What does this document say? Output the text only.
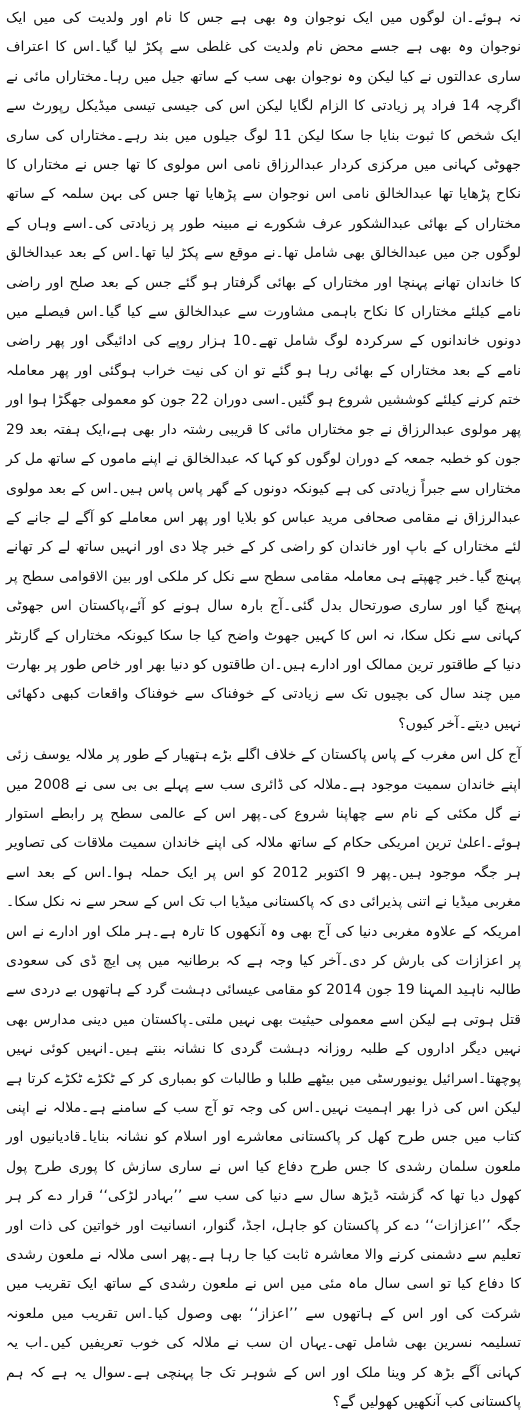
نہ ہوئے۔ان لوگوں میں ایک نوجوان وہ بھی ہے جس کا نام اور ولدیت کی میں ایک نوجوان وہ بھی ہے جسے محض نام ولدیت کی غلطی سے پکڑ لیا گیا۔اس کا اعتراف ساری عدالتوں نے کیا لیکن وہ نوجوان بھی سب کے ساتھ جیل میں رہا۔مختاراں مائی نے اگرچہ 14 فراد پر زیادتی کا الزام لگایا لیکن اس کی جیسی تیسی میڈیکل رپورٹ سے ایک شخص کا ثبوت بنایا جا سکا لیکن 11 لوگ جیلوں میں بند رہے۔مختاراں کی ساری جھوٹی کہانی میں مرکزی کردار عبدالرزاق نامی اس مولوی کا تھا جس نے مختاراں کا نکاح پڑھایا تھا عبدالخالق نامی اس نوجوان سے پڑھایا تھا جس کی بہن سلمہ کے ساتھ مختاراں کے بھائی عبدالشکور عرف شکورے نے مبینہ طور پر زیادتی کی۔اسے وہاں کے لوگوں جن میں عبدالخالق بھی شامل تھا۔نے موقع سے پکڑ لیا تھا۔اس کے بعد عبدالخالق کا خاندان تھانے پہنچا اور مختاراں کے بھائی گرفتار ہو گئے جس کے بعد صلح اور راضی نامے کیلئے مختاراں کا نکاح باہمی مشاورت سے عبدالخالق سے کیا گیا۔اس فیصلے میں دونوں خاندانوں کے سرکردہ لوگ شامل تھے۔10 ہزار روپے کی ادائیگی اور پھر راضی نامے کے بعد مختاراں کے بھائی رہا ہو گئے تو ان کی نیت خراب ہوگئی اور پھر معاملہ ختم کرنے کیلئے کوششیں شروع ہو گئیں۔اسی دوران 22 جون کو معمولی جھگڑا ہوا اور پھر مولوی عبدالرزاق نے جو مختاراں مائی کا قریبی رشتہ دار بھی ہے،ایک ہفتہ بعد 29 جون کو خطبہ جمعہ کے دوران لوگوں کو کہا کہ عبدالخالق نے اپنے ماموں کے ساتھ مل کر مختاراں سے جبراً زیادتی کی ہے کیونکہ دونوں کے گھر پاس پاس ہیں۔اس کے بعد مولوی عبدالرزاق نے مقامی صحافی مرید عباس کو بلایا اور پھر اس معاملے کو آگے لے جانے کے لئے مختاراں کے باپ اور خاندان کو راضی کر کے خبر چلا دی اور انہیں ساتھ لے کر تھانے پہنچ گیا۔خبر چھپتے ہی معاملہ مقامی سطح سے نکل کر ملکی اور بین الاقوامی سطح پر پہنچ گیا اور ساری صورتحال بدل گئی۔آج بارہ سال ہونے کو آئے،پاکستان اس جھوٹی کہانی سے نکل سکا، نہ اس کا کہیں جھوٹ واضح کیا جا سکا کیونکہ مختاراں کے گارنٹر دنیا کے طاقتور ترین ممالک اور ادارے ہیں۔ان طاقتوں کو دنیا بھر اور خاص طور پر بھارت میں چند سال کی بچیوں تک سے زیادتی کے خوفناک سے خوفناک واقعات کبھی دکھائی نہیں دیتے۔آخر کیوں؟

آج کل اس مغرب کے پاس پاکستان کے خلاف اگلے بڑے ہتھیار کے طور پر ملالہ یوسف زئی اپنے خاندان سمیت موجود ہے۔ملالہ کی ڈائری سب سے پہلے بی بی سی نے 2008 میں نے گل مکئی کے نام سے چھاپنا شروع کی۔پھر اس کے عالمی سطح پر رابطے استوار ہوئے۔اعلیٰ ترین امریکی حکام کے ساتھ ملالہ کی اپنے خاندان سمیت ملاقات کی تصاویر ہر جگہ موجود ہیں۔پھر 9 اکتوبر 2012 کو اس پر ایک حملہ ہوا۔اس کے بعد اسے مغربی میڈیا نے اتنی پذیرائی دی کہ پاکستانی میڈیا اب تک اس کے سحر سے نہ نکل سکا۔امریکہ کے علاوہ مغربی دنیا کی آج بھی وہ آنکھوں کا تارہ ہے۔ہر ملک اور ادارے نے اس پر اعزازات کی بارش کر دی۔آخر کیا وجہ ہے کہ برطانیہ میں پی ایچ ڈی کی سعودی طالبہ ناہید المہنا 19 جون 2014 کو مقامی عیسائی دہشت گرد کے ہاتھوں بے دردی سے قتل ہوتی ہے لیکن اسے معمولی حیثیت بھی نہیں ملتی۔پاکستان میں دینی مدارس بھی نہیں دیگر اداروں کے طلبہ روزانہ دہشت گردی کا نشانہ بنتے ہیں۔انہیں کوئی نہیں پوچھتا۔اسرائیل یونیورسٹی میں بیٹھے طلبا و طالبات کو بمباری کر کے ٹکڑے ٹکڑے کرتا ہے لیکن اس کی ذرا بھر اہمیت نہیں۔اس کی وجہ تو آج سب کے سامنے ہے۔ملالہ نے اپنی کتاب میں جس طرح کھل کر پاکستانی معاشرے اور اسلام کو نشانہ بنایا۔قادیانیوں اور ملعون سلمان رشدی کا جس طرح دفاع کیا اس نے ساری سازش کا پوری طرح پول کھول دیا تھا کہ گزشتہ ڈیڑھ سال سے دنیا کی سب سے ’’بہادر لڑکی‘‘ قرار دے کر ہر جگہ ’’اعزازات‘‘ دے کر پاکستان کو جاہل، اجڈ، گنوار، انسانیت اور خواتین کی ذات اور تعلیم سے دشمنی کرنے والا معاشرہ ثابت کیا جا رہا ہے۔پھر اسی ملالہ نے ملعون رشدی کا دفاع کیا تو اسی سال ماہ مئی میں اس نے ملعون رشدی کے ساتھ ایک تقریب میں شرکت کی اور اس کے ہاتھوں سے ’’اعزاز‘‘ بھی وصول کیا۔اس تقریب میں ملعونہ تسلیمہ نسرین بھی شامل تھی۔یہاں ان سب نے ملالہ کی خوب تعریفیں کیں۔اب یہ کہانی آگے بڑھ کر وینا ملک اور اس کے شوہر تک جا پہنچی ہے۔سوال یہ ہے کہ ہم پاکستانی کب آنکھیں کھولیں گے؟
